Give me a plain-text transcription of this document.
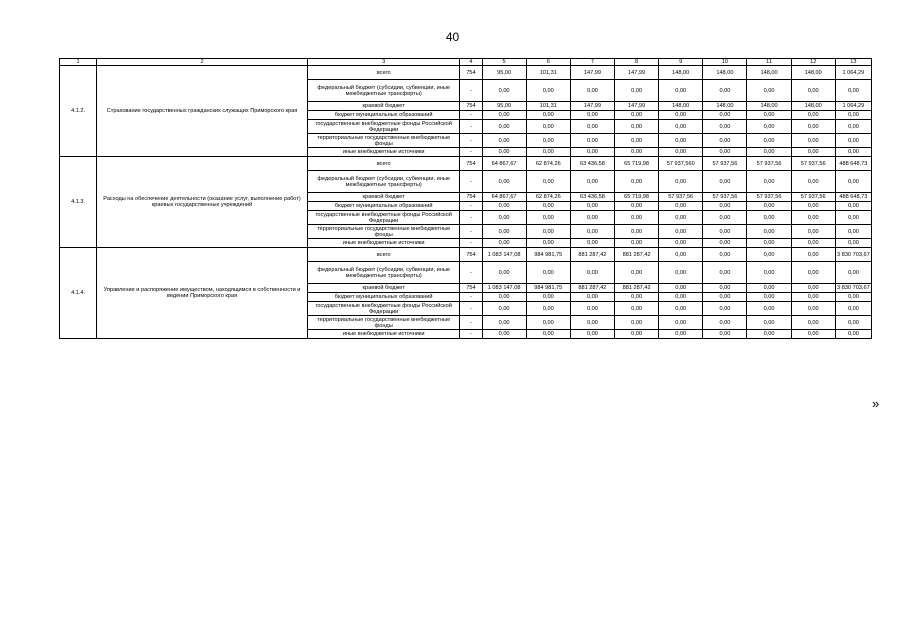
40
1	2	3	4	5	6	7	8	9	10	11	12	13
4.1.2.	Страхование государственных гражданских служащих Приморского края	всего	754	95,00	101,31	147,99	147,99	148,00	148,00	148,00	148,00	1 064,29
		федеральный бюджет (субсидии, субвенции, иные межбюджетные трансферты)	-	0,00	0,00	0,00	0,00	0,00	0,00	0,00	0,00	0,00
		краевой бюджет	754	95,00	101,31	147,99	147,99	148,00	148,00	148,00	148,00	1 064,29
		бюджет муниципальных образований	-	0,00	0,00	0,00	0,00	0,00	0,00	0,00	0,00	0,00
		государственные внебюджетные фонды Российской Федерации	-	0,00	0,00	0,00	0,00	0,00	0,00	0,00	0,00	0,00
		территориальные государственные внебюджетные фонды	-	0,00	0,00	0,00	0,00	0,00	0,00	0,00	0,00	0,00
		иные внебюджетные источники	-	0,00	0,00	0,00	0,00	0,00	0,00	0,00	0,00	0,00
4.1.3.	Расходы на обеспечение деятельности (оказание услуг, выполнение работ) краевых государственных учреждений	всего	754	64 867,67	62 874,26	63 436,58	65 719,98	57 937,560	57 937,56	57 937,56	57 937,56	488 648,73
		федеральный бюджет (субсидии, субвенции, иные межбюджетные трансферты)	-	0,00	0,00	0,00	0,00	0,00	0,00	0,00	0,00	0,00
		краевой бюджет	754	64 867,67	62 874,26	63 436,58	65 719,98	57 937,56	57 937,56	57 937,56	57 937,56	488 648,73
		бюджет муниципальных образований	-	0,00	0,00	0,00	0,00	0,00	0,00	0,00	0,00	0,00
		государственные внебюджетные фонды Российской Федерации	-	0,00	0,00	0,00	0,00	0,00	0,00	0,00	0,00	0,00
		территориальные государственные внебюджетные фонды	-	0,00	0,00	0,00	0,00	0,00	0,00	0,00	0,00	0,00
		иные внебюджетные источники	-	0,00	0,00	0,00	0,00	0,00	0,00	0,00	0,00	0,00
4.1.4.	Управление и распоряжение имуществом, находящимся в собственности и ведении Приморского края	всего	754	1 083 147,08	984 981,75	881 287,42	881 287,42	0,00	0,00	0,00	0,00	3 830 703,67
		федеральный бюджет (субсидии, субвенции, иные межбюджетные трансферты)	-	0,00	0,00	0,00	0,00	0,00	0,00	0,00	0,00	0,00
		краевой бюджет	754	1 083 147,08	984 981,75	881 287,42	881 287,42	0,00	0,00	0,00	0,00	3 830 703,67
		бюджет муниципальных образований	-	0,00	0,00	0,00	0,00	0,00	0,00	0,00	0,00	0,00
		государственные внебюджетные фонды Российской Федерации	-	0,00	0,00	0,00	0,00	0,00	0,00	0,00	0,00	0,00
		территориальные государственные внебюджетные фонды	-	0,00	0,00	0,00	0,00	0,00	0,00	0,00	0,00	0,00
		иные внебюджетные источники	-	0,00	0,00	0,00	0,00	0,00	0,00	0,00	0,00	0,00
»
